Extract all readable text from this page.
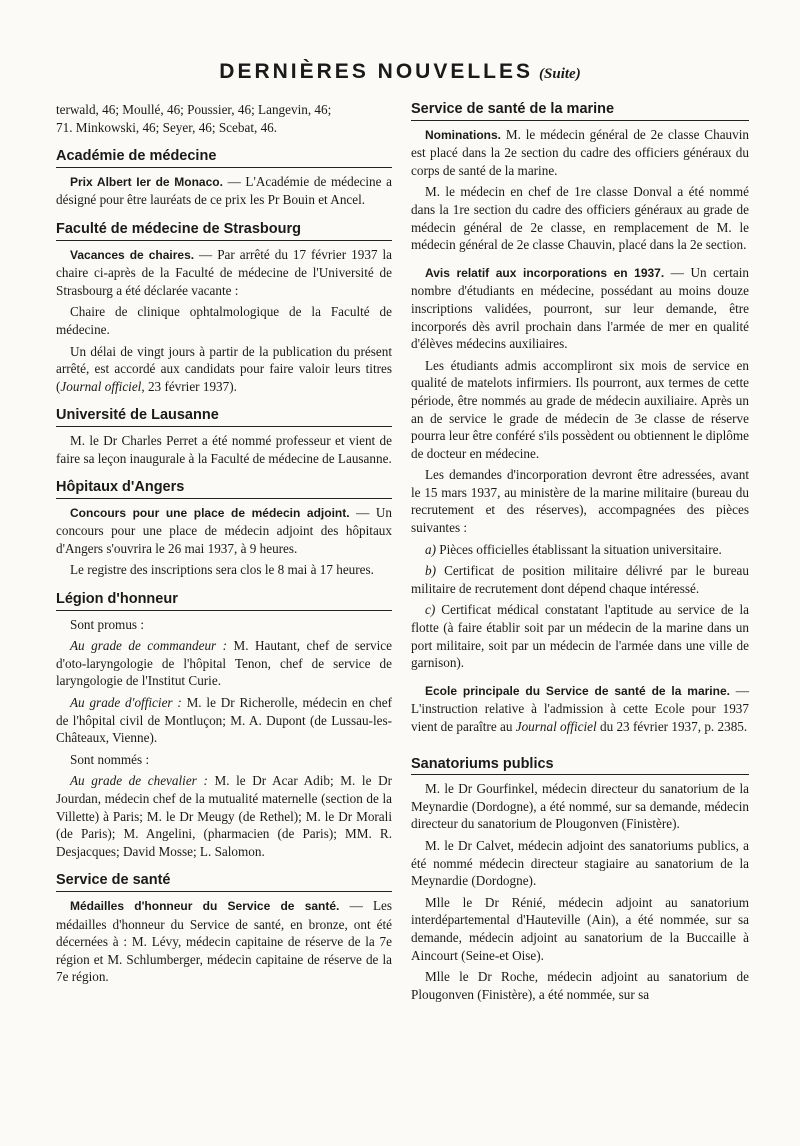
DERNIÈRES NOUVELLES (Suite)

terwald, 46; Moullé, 46; Poussier, 46; Langevin, 46;
71. Minkowski, 46; Seyer, 46; Scebat, 46.

Académie de médecine

Prix Albert Ier de Monaco. — L'Académie de médecine a désigné pour être lauréats de ce prix les Pr Bouin et Ancel.

Faculté de médecine de Strasbourg

Vacances de chaires. — Par arrêté du 17 février 1937 la chaire ci-après de la Faculté de médecine de l'Université de Strasbourg a été déclarée vacante :

Chaire de clinique ophtalmologique de la Faculté de médecine.

Un délai de vingt jours à partir de la publication du présent arrêté, est accordé aux candidats pour faire valoir leurs titres (Journal officiel, 23 février 1937).

Université de Lausanne

M. le Dr Charles Perret a été nommé professeur et vient de faire sa leçon inaugurale à la Faculté de médecine de Lausanne.

Hôpitaux d'Angers

Concours pour une place de médecin adjoint. — Un concours pour une place de médecin adjoint des hôpitaux d'Angers s'ouvrira le 26 mai 1937, à 9 heures.

Le registre des inscriptions sera clos le 8 mai à 17 heures.

Légion d'honneur

Sont promus :

Au grade de commandeur : M. Hautant, chef de service d'oto-laryngologie de l'hôpital Tenon, chef de service de laryngologie de l'Institut Curie.

Au grade d'officier : M. le Dr Richerolle, médecin en chef de l'hôpital civil de Montluçon; M. A. Dupont (de Lussau-les-Châteaux, Vienne).

Sont nommés :

Au grade de chevalier : M. le Dr Acar Adib; M. le Dr Jourdan, médecin chef de la mutualité maternelle (section de la Villette) à Paris; M. le Dr Meugy (de Rethel); M. le Dr Morali (de Paris); M. Angelini, (pharmacien (de Paris); MM. R. Desjacques; David Mosse; L. Salomon.

Service de santé

Médailles d'honneur du Service de santé. — Les médailles d'honneur du Service de santé, en bronze, ont été décernées à : M. Lévy, médecin capitaine de réserve de la 7e région et M. Schlumberger, médecin capitaine de réserve de la 7e région.

Service de santé de la marine

Nominations. M. le médecin général de 2e classe Chauvin est placé dans la 2e section du cadre des officiers généraux du corps de santé de la marine.

M. le médecin en chef de 1re classe Donval a été nommé dans la 1re section du cadre des officiers généraux au grade de médecin général de 2e classe, en remplacement de M. le médecin général de 2e classe Chauvin, placé dans la 2e section.

Avis relatif aux incorporations en 1937. — Un certain nombre d'étudiants en médecine, possédant au moins douze inscriptions validées, pourront, sur leur demande, être incorporés dès avril prochain dans l'armée de mer en qualité d'élèves médecins auxiliaires.

Les étudiants admis accompliront six mois de service en qualité de matelots infirmiers. Ils pourront, aux termes de cette période, être nommés au grade de médecin auxiliaire. Après un an de service le grade de médecin de 3e classe de réserve pourra leur être conféré s'ils possèdent ou obtiennent le diplôme de docteur en médecine.

Les demandes d'incorporation devront être adressées, avant le 15 mars 1937, au ministère de la marine militaire (bureau du recrutement et des réserves), accompagnées des pièces suivantes :

a) Pièces officielles établissant la situation universitaire.

b) Certificat de position militaire délivré par le bureau militaire de recrutement dont dépend chaque intéressé.

c) Certificat médical constatant l'aptitude au service de la flotte (à faire établir soit par un médecin de la marine dans un port militaire, soit par un médecin de l'armée dans une ville de garnison).

Ecole principale du Service de santé de la marine. — L'instruction relative à l'admission à cette Ecole pour 1937 vient de paraître au Journal officiel du 23 février 1937, p. 2385.

Sanatoriums publics

M. le Dr Gourfinkel, médecin directeur du sanatorium de la Meynardie (Dordogne), a été nommé, sur sa demande, médecin directeur du sanatorium de Plougonven (Finistère).

M. le Dr Calvet, médecin adjoint des sanatoriums publics, a été nommé médecin directeur stagiaire au sanatorium de la Meynardie (Dordogne).

Mlle le Dr Rénié, médecin adjoint au sanatorium interdépartemental d'Hauteville (Ain), a été nommée, sur sa demande, médecin adjoint au sanatorium de la Buccaille à Aincourt (Seine-et Oise).

Mlle le Dr Roche, médecin adjoint au sanatorium de Plougonven (Finistère), a été nommée, sur sa
